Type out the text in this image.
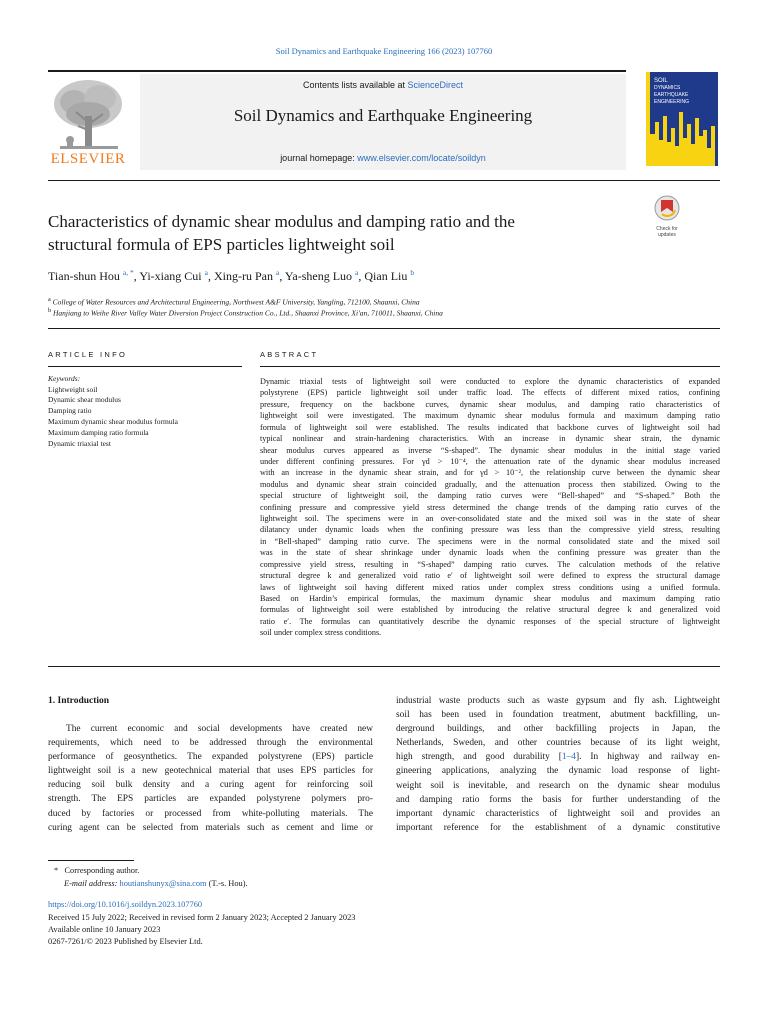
Soil Dynamics and Earthquake Engineering 166 (2023) 107760
ELSEVIER
Contents lists available at ScienceDirect
Soil Dynamics and Earthquake Engineering
journal homepage: www.elsevier.com/locate/soildyn
SOIL
DYNAMICS
EARTHQUAKE
ENGINEERING
Check for
updates
Characteristics of dynamic shear modulus and damping ratio and the
structural formula of EPS particles lightweight soil
Tian-shun Hou $^{a, *}$, Yi-xiang Cui $^a$, Xing-ru Pan $^a$, Ya-sheng Luo $^a$, Qian Liu $^b$
$^a$ College of Water Resources and Architectural Engineering, Northwest A&F University, Yangling, 712100, Shaanxi, China
$^b$ Hanjiang to Weihe River Valley Water Diversion Project Construction Co., Ltd., Shaanxi Province, Xi'an, 710011, Shaanxi, China
ARTICLE INFO
Keywords:
Lightweight soil
Dynamic shear modulus
Damping ratio
Maximum dynamic shear modulus formula
Maximum damping ratio formula
Dynamic triaxial test
ABSTRACT
Dynamic triaxial tests of lightweight soil were conducted to explore the dynamic characteristics of expanded
polystyrene (EPS) particle lightweight soil under traffic load. The effects of different mixed ratios, confining
pressure, frequency on the backbone curves, dynamic shear modulus, and damping ratio characteristics of
lightweight soil were investigated. The maximum dynamic shear modulus formula and maximum damping ratio
formula of lightweight soil were established. The results indicated that backbone curves of lightweight soil had
typical nonlinear and strain-hardening characteristics. With an increase in dynamic shear strain, the dynamic
shear modulus curves appeared as inverse “S-shaped”. The dynamic shear modulus in the initial stage varied
under different confining pressures. For γd > 10⁻⁴, the attenuation rate of the dynamic shear modulus increased
with an increase in the dynamic shear strain, and for γd > 10⁻², the relationship curve between the dynamic shear
modulus and dynamic shear strain coincided gradually, and the attenuation process then stabilized. Owing to the
special structure of lightweight soil, the damping ratio curves were “Bell-shaped” and “S-shaped.” Both the
confining pressure and compressive yield stress determined the change trends of the damping ratio curves of the
lightweight soil. The specimens were in an over-consolidated state and the mixed soil was in the state of shear
dilatancy under dynamic loads when the confining pressure was less than the compressive yield stress, resulting
in “Bell-shaped” damping ratio curve. The specimens were in the normal consolidated state and the mixed soil
was in the state of shear shrinkage under dynamic loads when the confining pressure was greater than the
compressive yield stress, resulting in “S-shaped” damping ratio curves. The calculation methods of the relative
structural degree k and generalized void ratio e′ of lightweight soil were defined to express the structural damage
laws of lightweight soil having different mixed ratios under complex stress conditions using a unified formula.
Based on Hardin’s empirical formulas, the maximum dynamic shear modulus and maximum damping ratio
formulas of lightweight soil were established by introducing the relative structural degree k and generalized void
ratio e′. The formulas can quantitatively describe the dynamic responses of the special structure of lightweight
soil under complex stress conditions.
1. Introduction
The current economic and social developments have created new
requirements, which need to be addressed through the environmental
performance of geosynthetics. The expanded polystyrene (EPS) particle
lightweight soil is a new geotechnical material that uses EPS particles for
reducing soil bulk density and a curing agent for reinforcing soil
strength. The EPS particles are expanded polystyrene polymers pro-
duced by factories or processed from white-polluting materials. The
curing agent can be selected from materials such as cement and lime or
industrial waste products such as waste gypsum and fly ash. Lightweight
soil has been used in foundation treatment, abutment backfilling, un-
derground buildings, and other backfilling projects in Japan, the
Netherlands, Sweden, and other countries because of its light weight,
high strength, and good durability [1–4]. In highway and railway en-
gineering applications, analyzing the dynamic load response of light-
weight soil is inevitable, and research on the dynamic shear modulus
and damping ratio forms the basis for further understanding of the
important dynamic characteristics of lightweight soil and provides an
important reference for the establishment of a dynamic constitutive
* Corresponding author.
E-mail address: houtianshunyx@sina.com (T.-s. Hou).
https://doi.org/10.1016/j.soildyn.2023.107760
Received 15 July 2022; Received in revised form 2 January 2023; Accepted 2 January 2023
Available online 10 January 2023
0267-7261/© 2023 Published by Elsevier Ltd.
